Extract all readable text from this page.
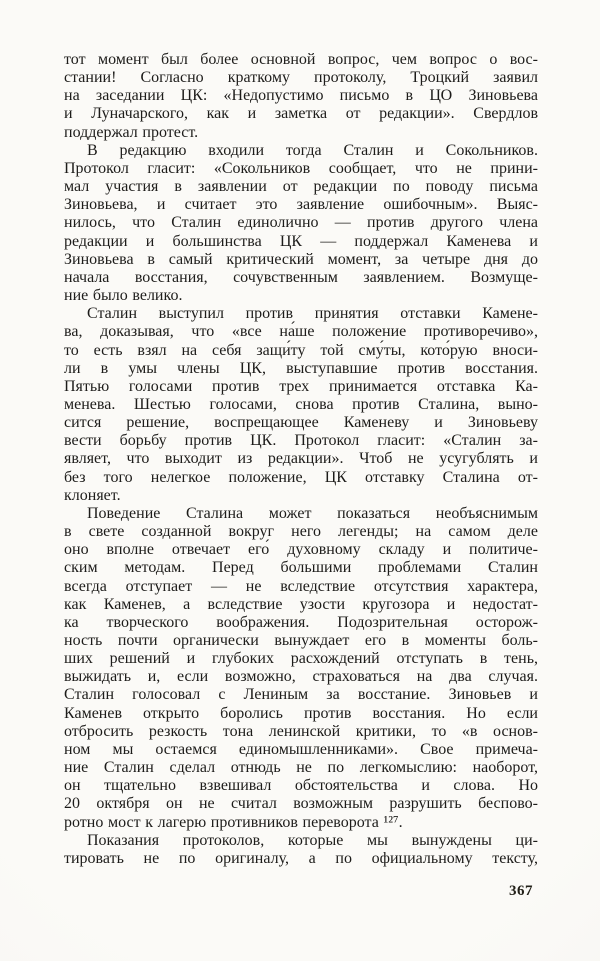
тот момент был более основной вопрос, чем вопрос о вос-
стании! Согласно краткому протоколу, Троцкий заявил
на заседании ЦК: «Недопустимо письмо в ЦО Зиновьева
и Луначарского, как и заметка от редакции». Свердлов
поддержал протест.
В редакцию входили тогда Сталин и Сокольников.
Протокол гласит: «Сокольников сообщает, что не прини-
мал участия в заявлении от редакции по поводу письма
Зиновьева, и считает это заявление ошибочным». Выяс-
нилось, что Сталин единолично — против другого члена
редакции и большинства ЦК — поддержал Каменева и
Зиновьева в самый критический момент, за четыре дня до
начала восстания, сочувственным заявлением. Возмуще-
ние было велико.
Сталин выступил против принятия отставки Камене-
ва, доказывая, что «все на́ше положение противоречиво»,
то есть взял на себя защи́ту той сму́ты, кото́рую вноси-
ли в умы члены ЦК, выступавшие против восстания.
Пятью голосами против трех принимается отставка Ка-
менева. Шестью голосами, снова против Сталина, выно-
сится решение, воспрещающее Каменеву и Зиновьеву
вести борьбу против ЦК. Протокол гласит: «Сталин за-
являет, что выходит из редакции». Чтоб не усугублять и
без того нелегкое положение, ЦК отставку Сталина от-
клоняет.
Поведение Сталина может показаться необъяснимым
в свете созданной вокруг него легенды; на самом деле
оно вполне отвечает его́ духовному складу и политиче-
ским методам. Перед большими проблемами Сталин
всегда отступает — не вследствие отсутствия характера,
как Каменев, а вследствие узости кругозора и недостат-
ка творческого воображения. Подозрительная осторож-
ность почти органически вынуждает его в моменты боль-
ших решений и глубоких расхождений отступать в тень,
выжидать и, если возможно, страховаться на два случая.
Сталин голосовал с Лениным за восстание. Зиновьев и
Каменев открыто боролись против восстания. Но если
отбросить резкость тона ленинской критики, то «в основ-
ном мы остаемся единомышленниками». Свое примеча-
ние Сталин сделал отнюдь не по легкомыслию: наоборот,
он тщательно взвешивал обстоятельства и слова. Но
20 октября он не считал возможным разрушить беспово-
ротно мост к лагерю противников переворота ¹²⁷.
Показания протоколов, которые мы вынуждены ци-
тировать не по оригиналу, а по официальному тексту,
367
